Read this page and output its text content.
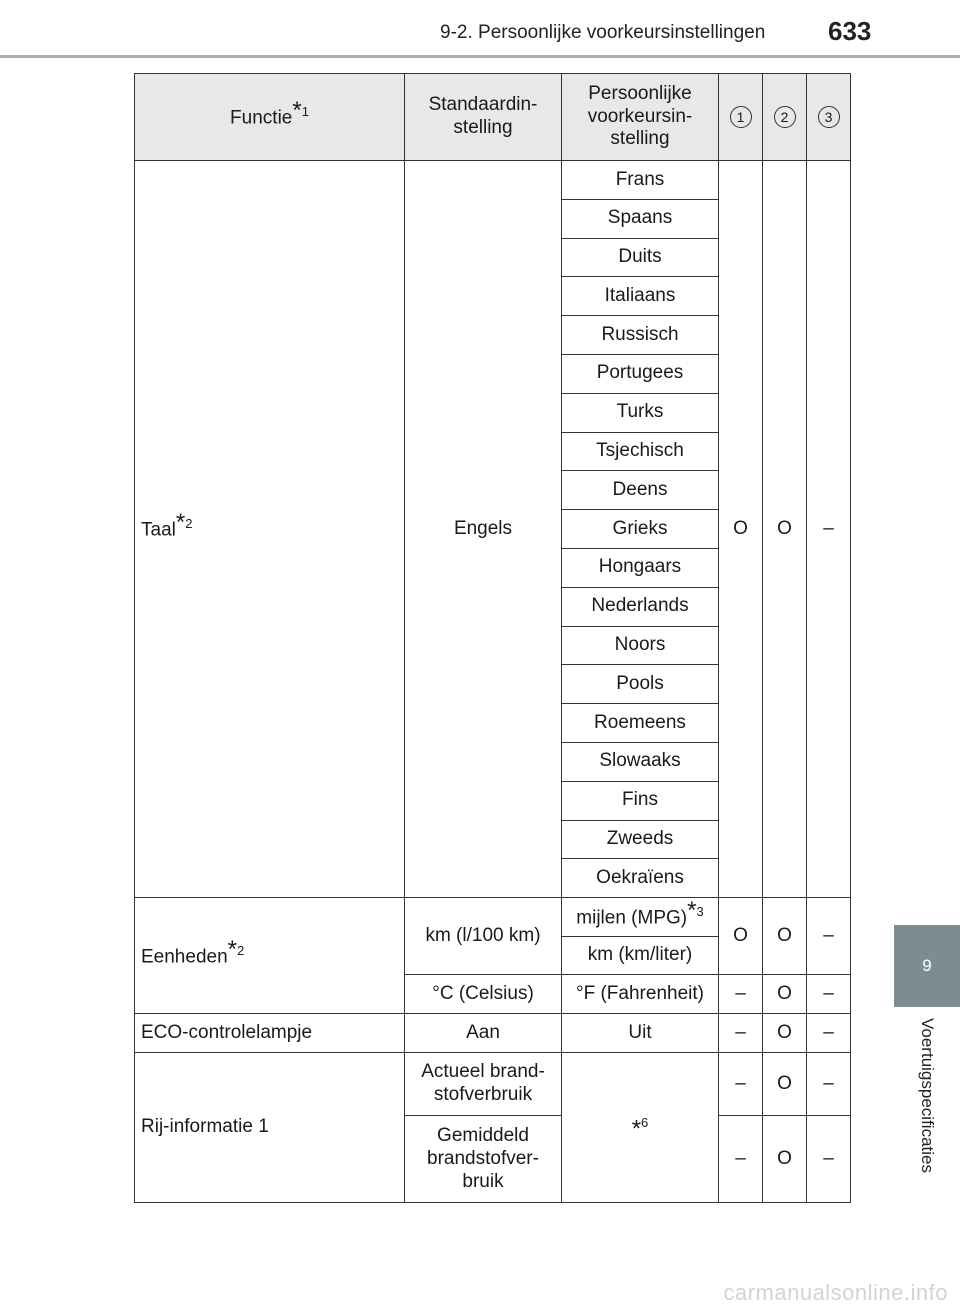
9-2. Persoonlijke voorkeursinstellingen 633
9
Voertuigspecificaties
Functie$^{*1}$	Standaardin-stelling	Persoonlijke voorkeursin-stelling	1	2	3
Taal$^{*2}$	Engels	Frans	O	O	–
		Spaans			
		Duits			
		Italiaans			
		Russisch			
		Portugees			
		Turks			
		Tsjechisch			
		Deens			
		Grieks			
		Hongaars			
		Nederlands			
		Noors			
		Pools			
		Roemeens			
		Slowaaks			
		Fins			
		Zweeds			
		Oekraïens			
Eenheden$^{*2}$	km (l/100 km)	mijlen (MPG)$^{*3}$	O	O	–
		km (km/liter)			
	°C (Celsius)	°F (Fahrenheit)	–	O	–
ECO-controlelampje	Aan	Uit	–	O	–
Rij-informatie 1	Actueel brand-stofverbruik	*$^6$	–	O	–
	Gemiddeld brandstofver-bruik		–	O	–
carmanualsonline.info
